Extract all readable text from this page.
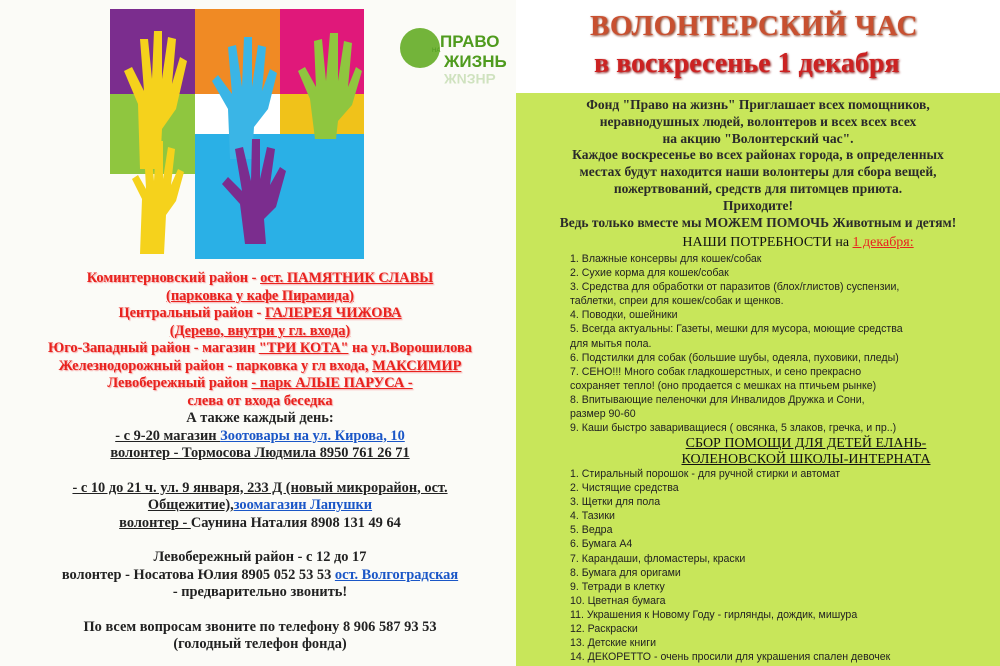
ПРАВО
НА
ЖИЗНЬ
ЖИЗНЬ
Коминтерновский район - ост. ПАМЯТНИК СЛАВЫ
(парковка у кафе Пирамида)
Центральный район - ГАЛЕРЕЯ ЧИЖОВА
(Дерево, внутри у гл. входа)
Юго-Западный район - магазин "ТРИ КОТА" на ул.Ворошилова
Железнодорожный район - парковка у гл входа, МАКСИМИР
Левобережный район - парк АЛЫЕ ПАРУСА -
слева от входа беседка
А также каждый день:
- с 9-20 магазин Зоотовары на ул. Кирова, 10
волонтер - Тормосова Людмила 8950 761 26 71
- с 10 до 21 ч. ул. 9 января, 233 Д (новый микрорайон, ост.
Общежитие),зоомагазин Лапушки
волонтер - Саунина Наталия 8908 131 49 64
Левобережный район - с 12 до 17
волонтер - Носатова Юлия 8905 052 53 53 ост. Волгоградская
- предварительно звонить!
По всем вопросам звоните по телефону 8 906 587 93 53
(голодный телефон фонда)
ВОЛОНТЕРСКИЙ ЧАС
в воскресенье 1 декабря
Фонд "Право на жизнь" Приглашает всех помощников,
неравнодушных людей, волонтеров и всех всех всех
на акцию "Волонтерский час".
Каждое воскресенье во всех районах города, в определенных
местах будут находится наши волонтеры для сбора вещей,
пожертвований, средств для питомцев приюта.
Приходите!
Ведь только вместе мы МОЖЕМ ПОМОЧЬ Животным и детям!
НАШИ ПОТРЕБНОСТИ на 1 декабря:
1. Влажные консервы для кошек/собак
2. Сухие корма для кошек/собак
3. Средства для обработки от паразитов (блох/глистов) суспензии,
таблетки, спреи для кошек/собак и щенков.
4. Поводки, ошейники
5. Всегда актуальны: Газеты, мешки для мусора, моющие средства
для мытья пола.
6. Подстилки для собак (большие шубы, одеяла, пуховики, пледы)
7. СЕНО!!! Много собак гладкошерстных, и сено прекрасно
сохраняет тепло! (оно продается с мешках на птичьем рынке)
8. Впитывающие пеленочки для Инвалидов Дружка и Сони,
размер 90-60
9. Каши быстро завариващиеся ( овсянка, 5 злаков, гречка, и пр..)
СБОР ПОМОЩИ ДЛЯ ДЕТЕЙ ЕЛАНЬ-
КОЛЕНОВСКОЙ ШКОЛЫ-ИНТЕРНАТА
1. Стиральный порошок - для ручной стирки и автомат
2. Чистящие средства
3. Щетки для пола
4. Тазики
5. Ведра
6. Бумага А4
7. Карандаши, фломастеры, краски
8. Бумага для оригами
9. Тетради в клетку
10. Цветная бумага
11. Украшения к Новому Году - гирлянды, дождик, мишура
12. Раскраски
13. Детские книги
14. ДЕКОРЕТТО - очень просили для украшения спален девочек
